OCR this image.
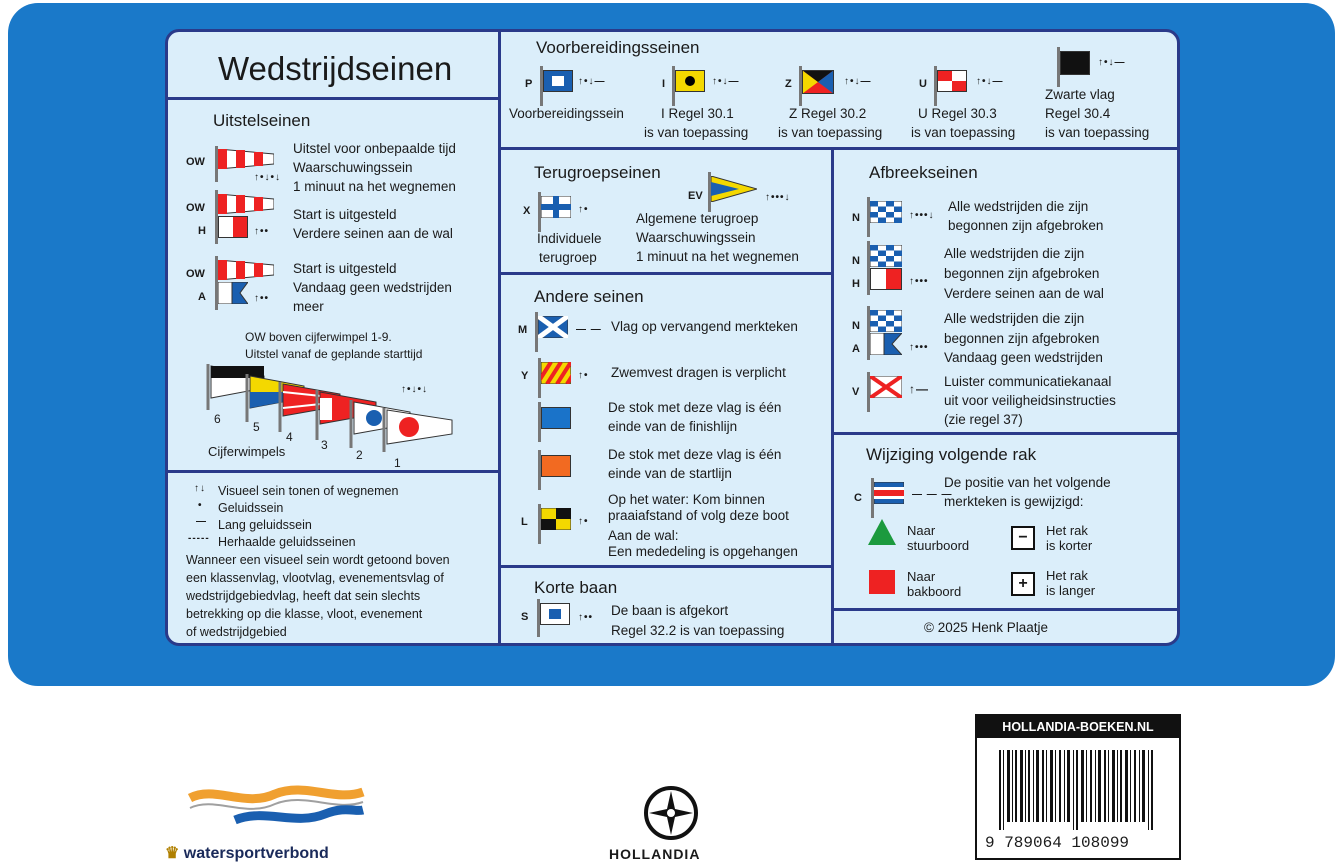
Wedstrijdseinen
Voorbereidingsseinen
P	↑•↓—
Voorbereidingssein
I	↑•↓—
I Regel 30.1
is van toepassing
Z	↑•↓—
Z Regel 30.2
is van toepassing
U	↑•↓—
U Regel 30.3
is van toepassing
↑•↓—
Zwarte vlag
Regel 30.4
is van toepassing
Uitstelseinen
OW
↑•↓•↓
Uitstel voor onbepaalde tijd
Waarschuwingssein
1 minuut na het wegnemen
OW
H	↑••
Start is uitgesteld
Verdere seinen aan de wal
OW
A	↑••
Start is uitgesteld
Vandaag geen wedstrijden
meer
OW boven cijferwimpel 1-9.
Uitstel vanaf de geplande starttijd
↑•↓•↓
6
5
4
3
2
1
Cijferwimpels
↑↓ Visueel sein tonen of wegnemen
• Geluidssein
— Lang geluidssein
----- Herhaalde geluidsseinen
Wanneer een visueel sein wordt getoond boven
een klassenvlag, vlootvlag, evenementsvlag of
wedstrijdgebiedvlag, heeft dat sein slechts
betrekking op die klasse, vloot, evenement
of wedstrijdgebied
Terugroepseinen
X	↑•
Individuele
terugroep
EV	↑•••↓
Algemene terugroep
Waarschuwingssein
1 minuut na het wegnemen
Andere seinen
M	— — Vlag op vervangend merkteken
Y	↑• Zwemvest dragen is verplicht
De stok met deze vlag is één
einde van de finishlijn
De stok met deze vlag is één
einde van de startlijn
L	↑•
Op het water: Kom binnen
praaiafstand of volg deze boot
Aan de wal:
Een mededeling is opgehangen
Korte baan
S	↑•• De baan is afgekort
Regel 32.2 is van toepassing
Afbreekseinen
N	↑•••↓
Alle wedstrijden die zijn
begonnen zijn afgebroken
N
H	↑•••
Alle wedstrijden die zijn
begonnen zijn afgebroken
Verdere seinen aan de wal
N
A	↑•••
Alle wedstrijden die zijn
begonnen zijn afgebroken
Vandaag geen wedstrijden
V	↑— Luister communicatiekanaal
uit voor veiligheidsinstructies
(zie regel 37)
Wijziging volgende rak
C	— — —
De positie van het volgende
merkteken is gewijzigd:
Naar
stuurboord	−	Het rak
is korter
Naar
bakboord	+	Het rak
is langer
© 2025 Henk Plaatje
♛ watersportverbond	HOLLANDIA
HOLLANDIA-BOEKEN.NL
9 789064 108099
